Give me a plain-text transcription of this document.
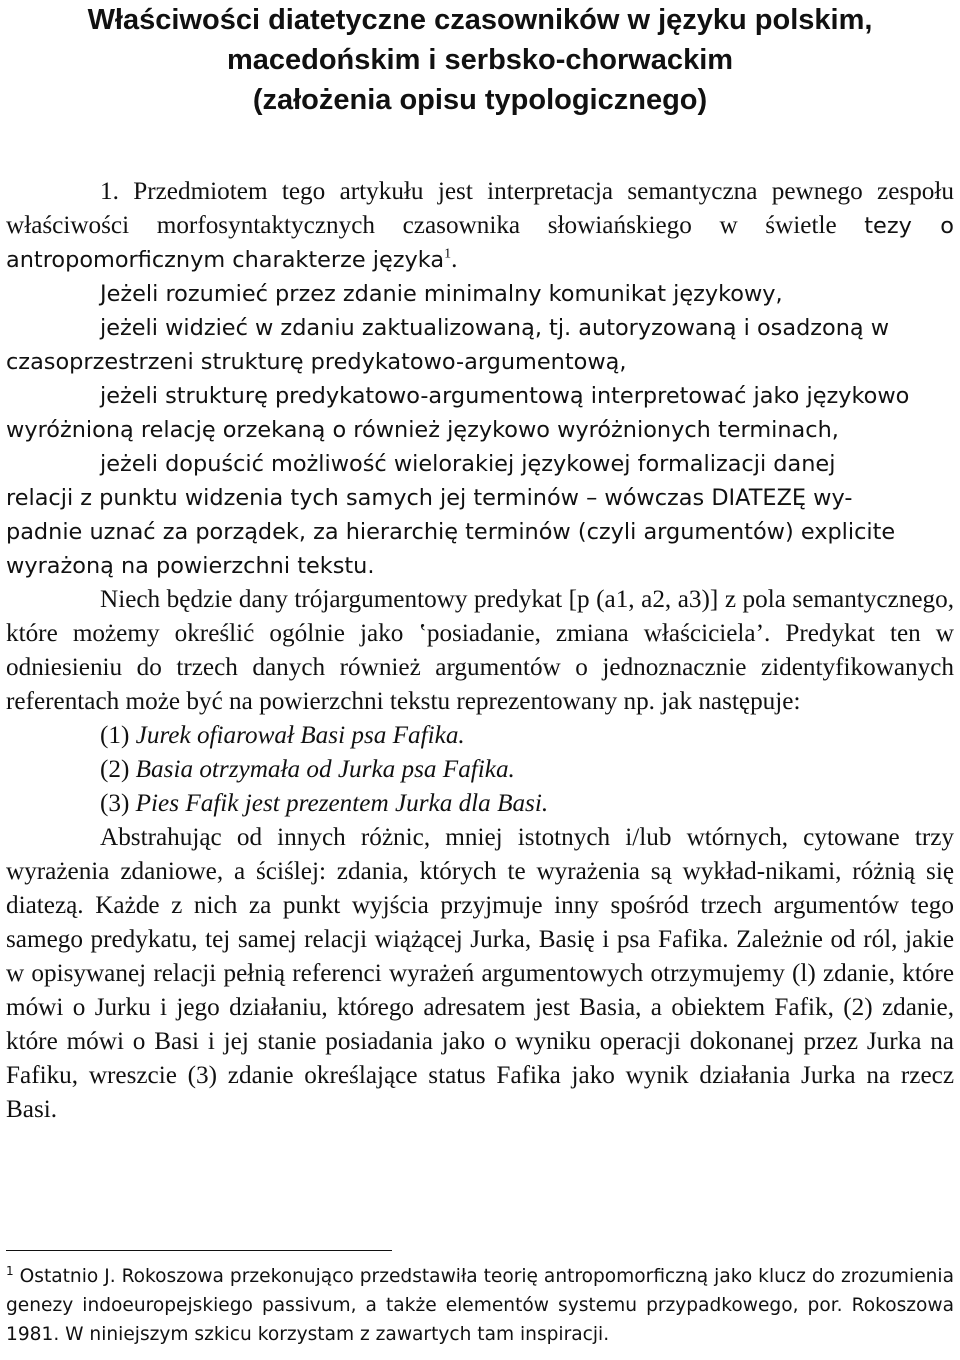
Właściwości diatetyczne czasowników w języku polskim,
macedońskim i serbsko-chorwackim
(założenia opisu typologicznego)

1. Przedmiotem tego artykułu jest interpretacja semantyczna pewnego zespołu właściwości morfosyntaktycznych czasownika słowiańskiego w świetle tezy o antropomorficznym charakterze języka$^1$.

Jeżeli rozumieć przez zdanie minimalny komunikat językowy,
jeżeli widzieć w zdaniu zaktualizowaną, tj. autoryzowaną i osadzoną w
czasoprzestrzeni strukturę predykatowo-argumentową,
jeżeli strukturę predykatowo-argumentową interpretować jako językowo
wyróżnioną relację orzekaną o również językowo wyróżnionych terminach,
jeżeli dopuścić możliwość wielorakiej językowej formalizacji danej
relacji z punktu widzenia tych samych jej terminów – wówczas DIATEZĘ wy-
padnie uznać za porządek, za hierarchię terminów (czyli argumentów) explicite
wyrażoną na powierzchni tekstu.

Niech będzie dany trójargumentowy predykat [p (a1, a2, a3)] z pola semantycznego, które możemy określić ogólnie jako ʽposiadanie, zmiana właściciela’. Predykat ten w odniesieniu do trzech danych również argumentów o jednoznacznie zidentyfikowanych referentach może być na powierzchni tekstu reprezentowany np. jak następuje:

(1) Jurek ofiarował Basi psa Fafika.

(2) Basia otrzymała od Jurka psa Fafika.

(3) Pies Fafik jest prezentem Jurka dla Basi.

Abstrahując od innych różnic, mniej istotnych i/lub wtórnych, cytowane trzy wyrażenia zdaniowe, a ściślej: zdania, których te wyrażenia są wykład-nikami, różnią się diatezą. Każde z nich za punkt wyjścia przyjmuje inny spośród trzech argumentów tego samego predykatu, tej samej relacji wiążącej Jurka, Basię i psa Fafika. Zależnie od ról, jakie w opisywanej relacji pełnią referenci wyrażeń argumentowych otrzymujemy (l) zdanie, które mówi o Jurku i jego działaniu, którego adresatem jest Basia, a obiektem Fafik, (2) zdanie, które mówi o Basi i jej stanie posiadania jako o wyniku operacji dokonanej przez Jurka na Fafiku, wreszcie (3) zdanie określające status Fafika jako wynik działania Jurka na rzecz Basi.

$^1$ Ostatnio J. Rokoszowa przekonująco przedstawiła teorię antropomorficzną jako klucz do zrozumienia genezy indoeuropejskiego passivum, a także elementów systemu przypadkowego, por. Rokoszowa 1981. W niniejszym szkicu korzystam z zawartych tam inspiracji.
